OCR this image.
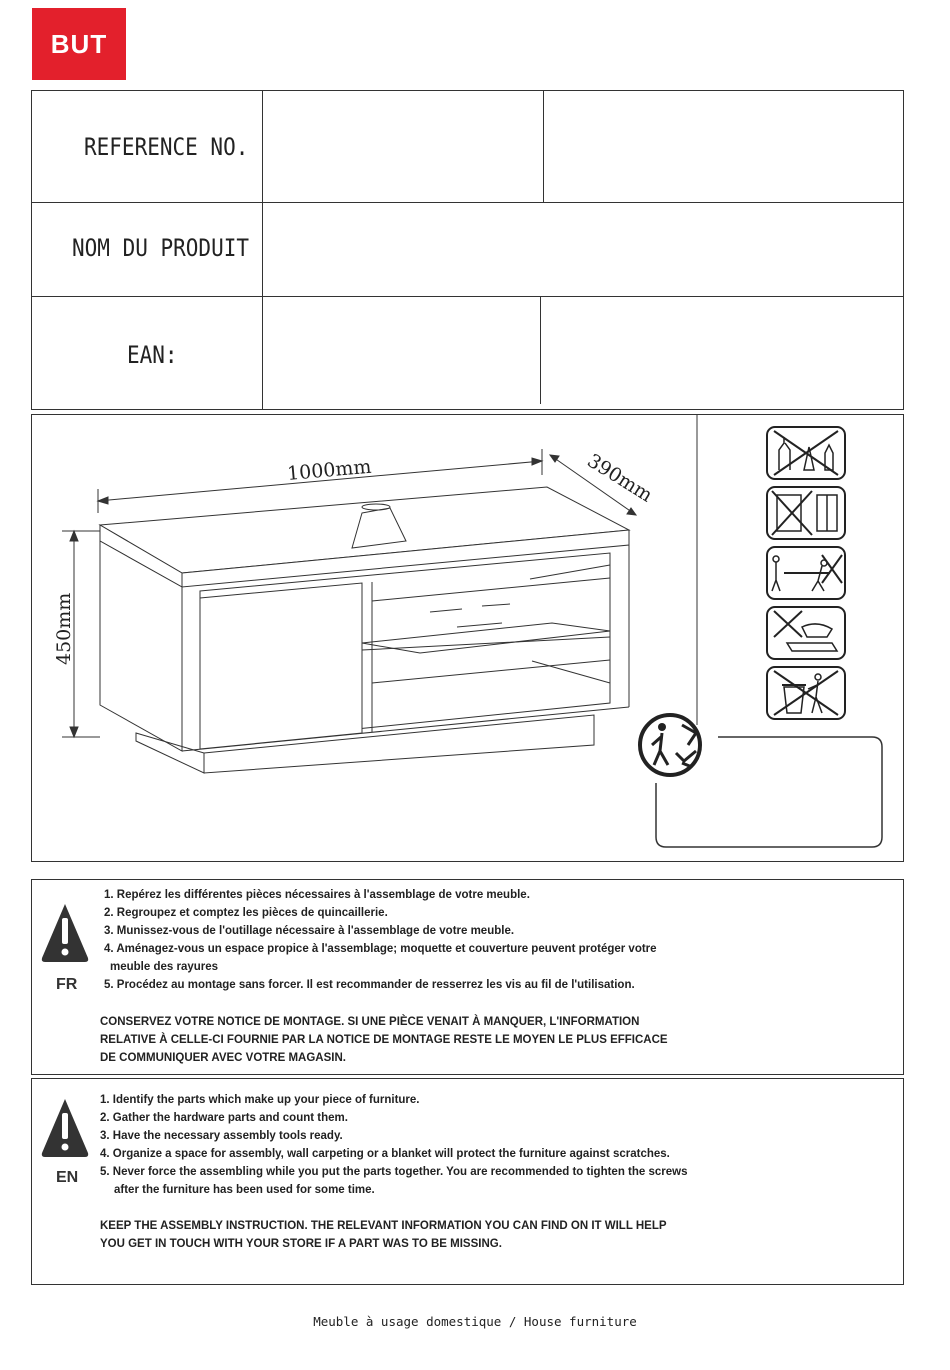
BUT
REFERENCE NO.
NOM DU PRODUIT
EAN:
1000mm	390mm
450mm
FR

1. Repérez les différentes pièces nécessaires à l'assemblage de votre meuble.

2. Regroupez et comptez les pièces de quincaillerie.

3. Munissez-vous de l'outillage nécessaire à l'assemblage de votre meuble.

4. Aménagez-vous un espace propice à l'assemblage; moquette et couverture peuvent protéger votre

meuble des rayures

5. Procédez au montage sans forcer. Il est recommander de resserrez les vis au fil de l'utilisation.

CONSERVEZ VOTRE NOTICE DE MONTAGE. SI UNE PIÈCE VENAIT À MANQUER, L'INFORMATION

RELATIVE À CELLE-CI FOURNIE PAR LA NOTICE DE MONTAGE RESTE LE MOYEN LE PLUS EFFICACE

DE COMMUNIQUER AVEC VOTRE MAGASIN.

EN

1. Identify the parts which make up your piece of furniture.

2. Gather the hardware parts and count them.

3. Have the necessary assembly tools ready.

4. Organize a space for assembly, wall carpeting or a blanket will protect the furniture against scratches.

5. Never force the assembling while you put the parts together. You are recommended to tighten the screws

after the furniture has been used for some time.

KEEP THE ASSEMBLY INSTRUCTION. THE RELEVANT INFORMATION YOU CAN FIND ON IT WILL HELP

YOU GET IN TOUCH WITH YOUR STORE IF A PART WAS TO BE MISSING.

Meuble à usage domestique / House furniture
